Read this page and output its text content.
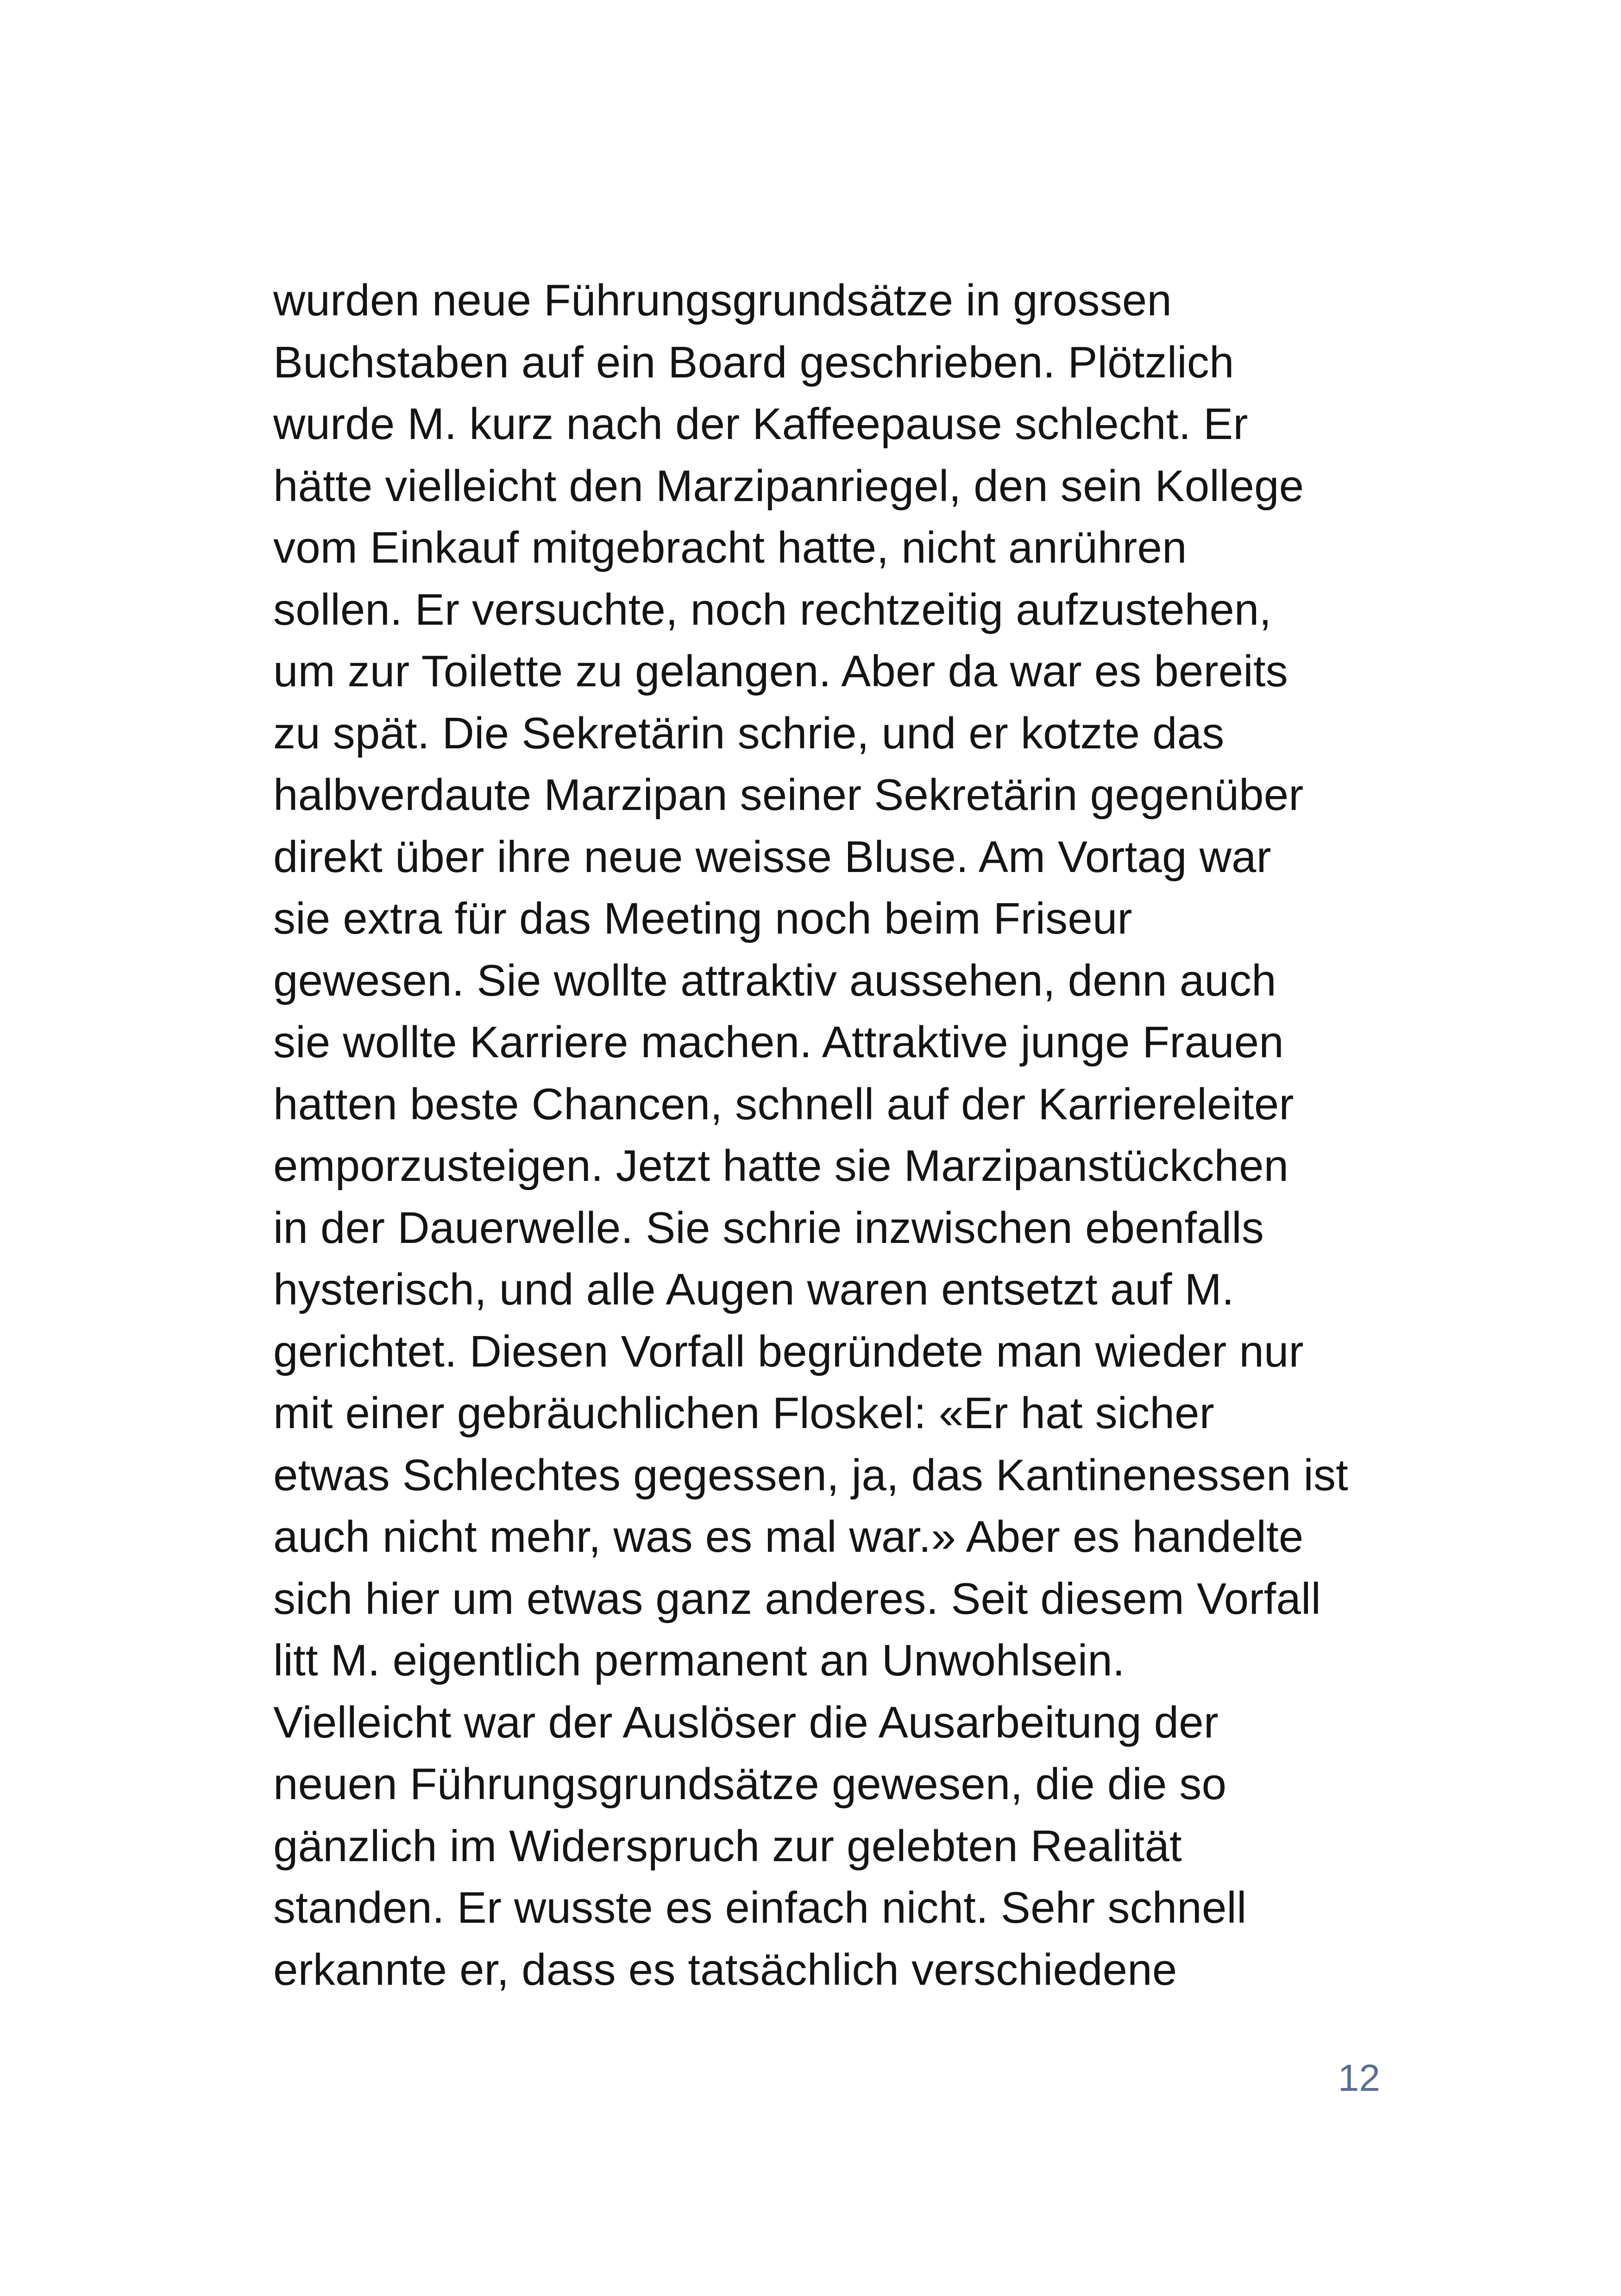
wurden neue Führungsgrundsätze in grossen
Buchstaben auf ein Board geschrieben. Plötzlich
wurde M. kurz nach der Kaffeepause schlecht. Er
hätte vielleicht den Marzipanriegel, den sein Kollege
vom Einkauf mitgebracht hatte, nicht anrühren
sollen. Er versuchte, noch rechtzeitig aufzustehen,
um zur Toilette zu gelangen. Aber da war es bereits
zu spät. Die Sekretärin schrie, und er kotzte das
halbverdaute Marzipan seiner Sekretärin gegenüber
direkt über ihre neue weisse Bluse. Am Vortag war
sie extra für das Meeting noch beim Friseur
gewesen. Sie wollte attraktiv aussehen, denn auch
sie wollte Karriere machen. Attraktive junge Frauen
hatten beste Chancen, schnell auf der Karriereleiter
emporzusteigen. Jetzt hatte sie Marzipanstückchen
in der Dauerwelle. Sie schrie inzwischen ebenfalls
hysterisch, und alle Augen waren entsetzt auf M.
gerichtet. Diesen Vorfall begründete man wieder nur
mit einer gebräuchlichen Floskel: «Er hat sicher
etwas Schlechtes gegessen, ja, das Kantinenessen ist
auch nicht mehr, was es mal war.» Aber es handelte
sich hier um etwas ganz anderes. Seit diesem Vorfall
litt M. eigentlich permanent an Unwohlsein.
Vielleicht war der Auslöser die Ausarbeitung der
neuen Führungsgrundsätze gewesen, die die so
gänzlich im Widerspruch zur gelebten Realität
standen. Er wusste es einfach nicht. Sehr schnell
erkannte er, dass es tatsächlich verschiedene
12
